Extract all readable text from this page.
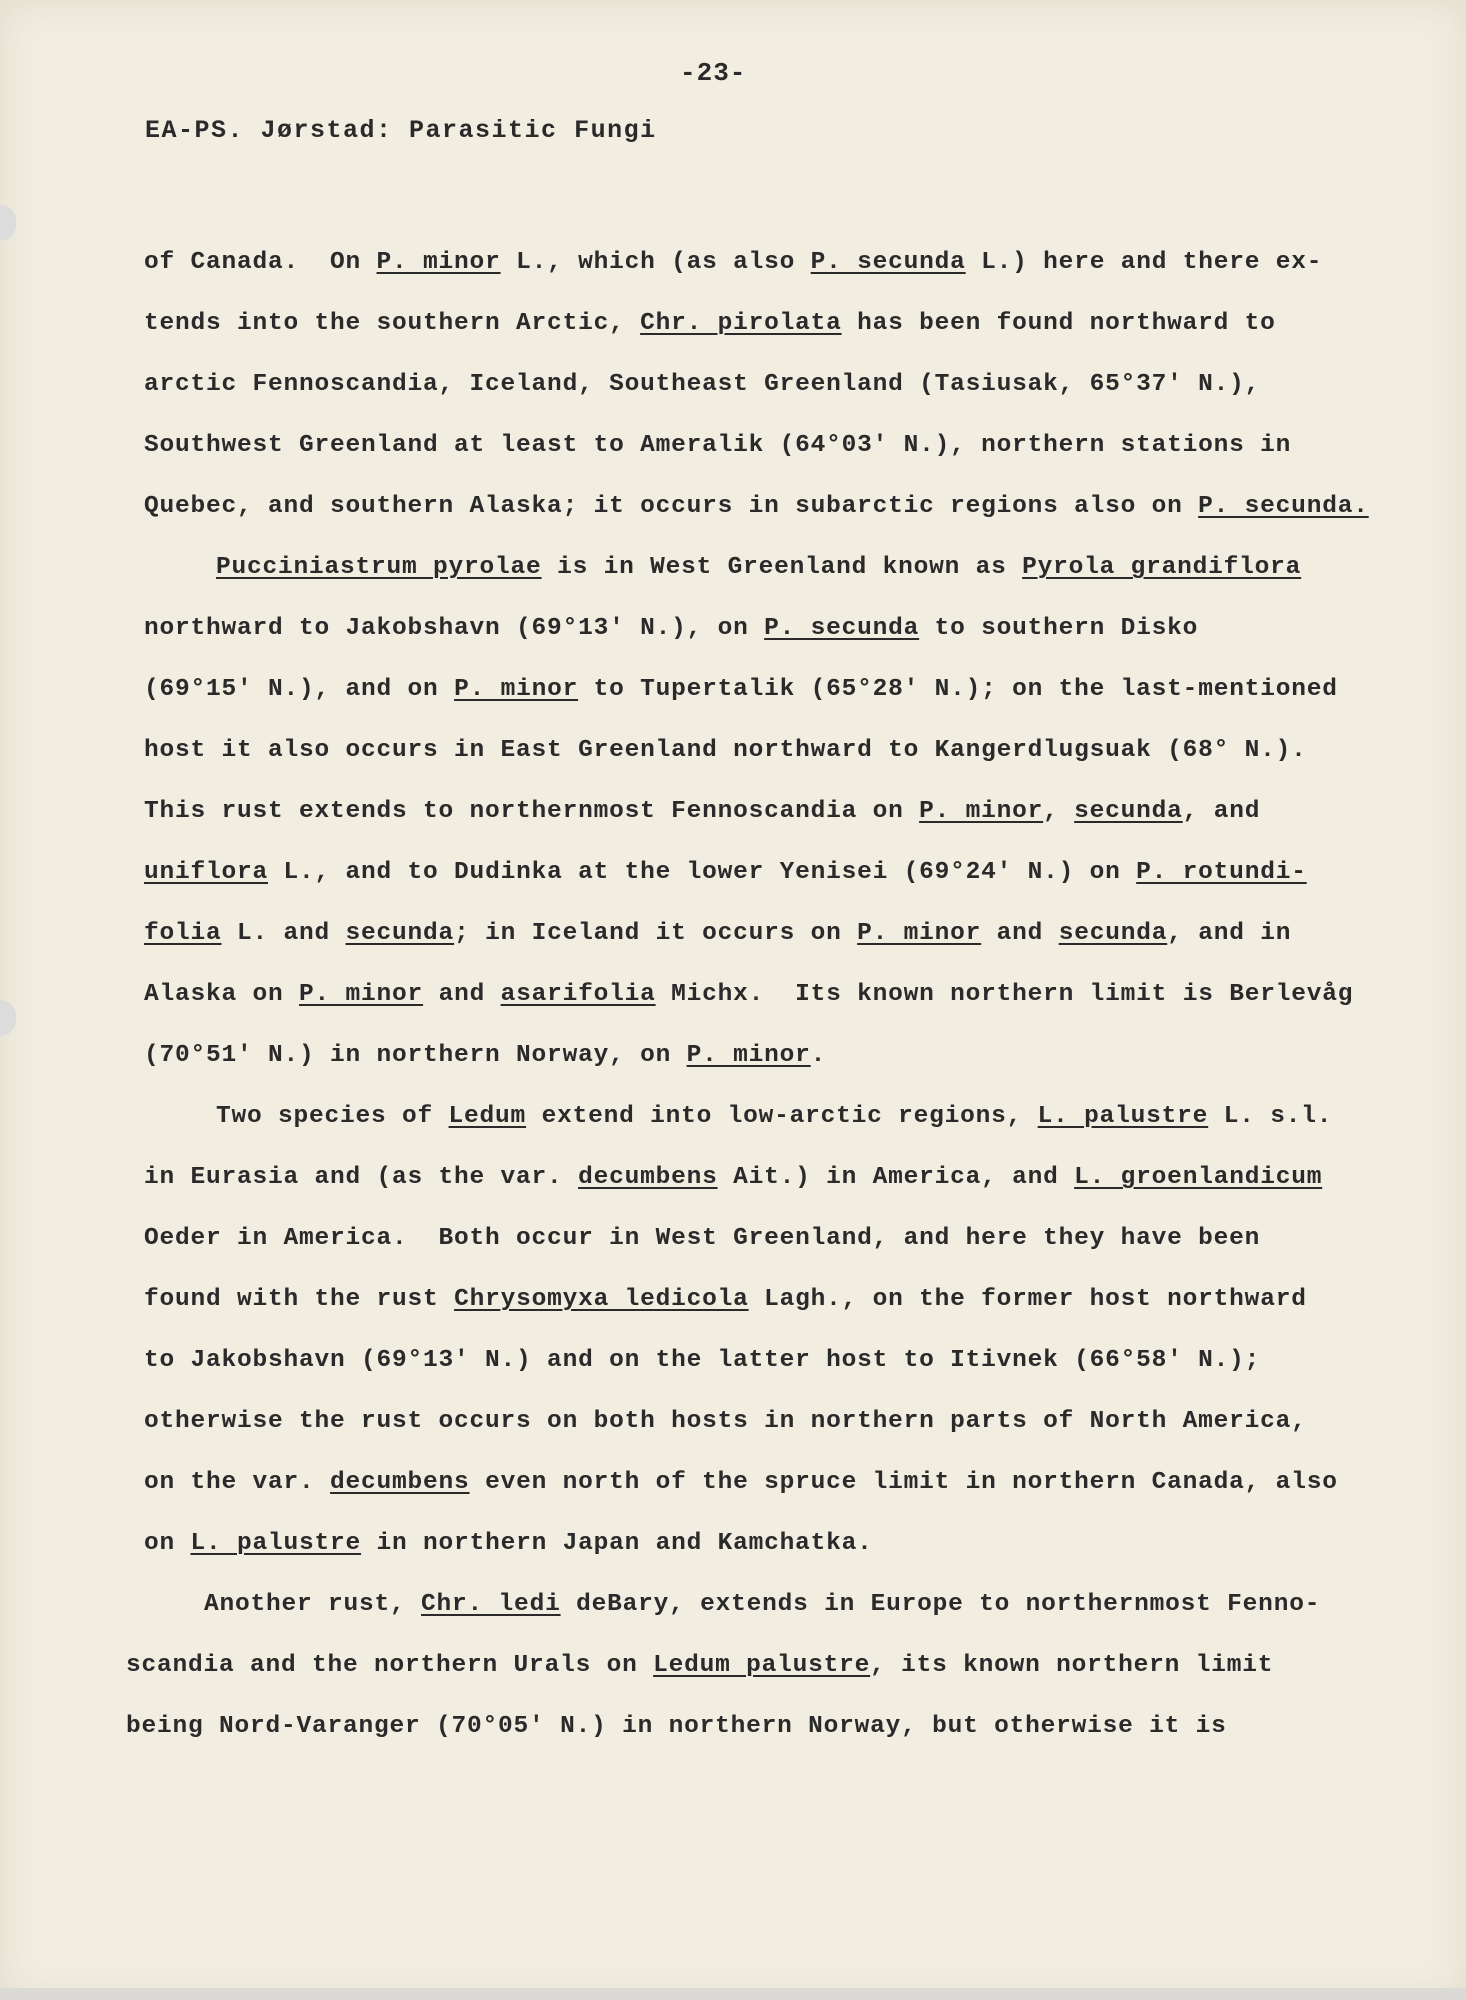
-23-
EA-PS. Jørstad: Parasitic Fungi
of Canada.  On P. minor L., which (as also P. secunda L.) here and there ex-
tends into the southern Arctic, Chr. pirolata has been found northward to
arctic Fennoscandia, Iceland, Southeast Greenland (Tasiusak, 65°37' N.),
Southwest Greenland at least to Ameralik (64°03' N.), northern stations in
Quebec, and southern Alaska; it occurs in subarctic regions also on P. secunda.
Pucciniastrum pyrolae is in West Greenland known as Pyrola grandiflora
northward to Jakobshavn (69°13' N.), on P. secunda to southern Disko
(69°15' N.), and on P. minor to Tupertalik (65°28' N.); on the last-mentioned
host it also occurs in East Greenland northward to Kangerdlugsuak (68° N.).
This rust extends to northernmost Fennoscandia on P. minor, secunda, and
uniflora L., and to Dudinka at the lower Yenisei (69°24' N.) on P. rotundi-
folia L. and secunda; in Iceland it occurs on P. minor and secunda, and in
Alaska on P. minor and asarifolia Michx.  Its known northern limit is Berlevåg
(70°51' N.) in northern Norway, on P. minor.
Two species of Ledum extend into low-arctic regions, L. palustre L. s.l.
in Eurasia and (as the var. decumbens Ait.) in America, and L. groenlandicum
Oeder in America.  Both occur in West Greenland, and here they have been
found with the rust Chrysomyxa ledicola Lagh., on the former host northward
to Jakobshavn (69°13' N.) and on the latter host to Itivnek (66°58' N.);
otherwise the rust occurs on both hosts in northern parts of North America,
on the var. decumbens even north of the spruce limit in northern Canada, also
on L. palustre in northern Japan and Kamchatka.
Another rust, Chr. ledi deBary, extends in Europe to northernmost Fenno-
scandia and the northern Urals on Ledum palustre, its known northern limit
being Nord-Varanger (70°05' N.) in northern Norway, but otherwise it is
